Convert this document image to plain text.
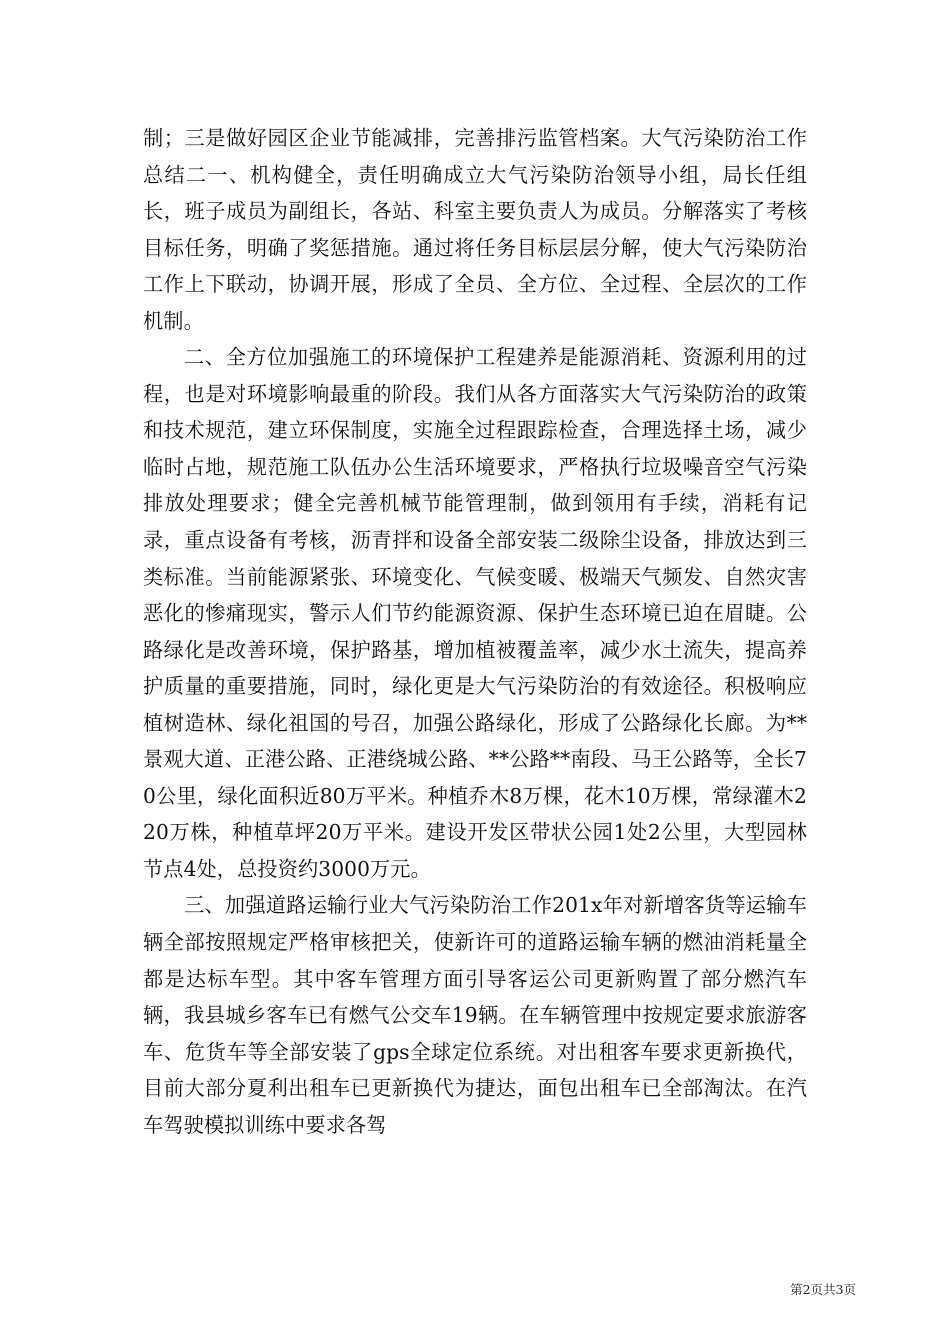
制；三是做好园区企业节能减排，完善排污监管档案。大气污染防治工作总结二一、机构健全，责任明确成立大气污染防治领导小组，局长任组长，班子成员为副组长，各站、科室主要负责人为成员。分解落实了考核目标任务，明确了奖惩措施。通过将任务目标层层分解，使大气污染防治工作上下联动，协调开展，形成了全员、全方位、全过程、全层次的工作机制。

二、全方位加强施工的环境保护工程建养是能源消耗、资源利用的过程，也是对环境影响最重的阶段。我们从各方面落实大气污染防治的政策和技术规范，建立环保制度，实施全过程跟踪检查，合理选择土场，减少临时占地，规范施工队伍办公生活环境要求，严格执行垃圾噪音空气污染排放处理要求；健全完善机械节能管理制，做到领用有手续，消耗有记录，重点设备有考核，沥青拌和设备全部安装二级除尘设备，排放达到三类标准。当前能源紧张、环境变化、气候变暖、极端天气频发、自然灾害恶化的惨痛现实，警示人们节约能源资源、保护生态环境已迫在眉睫。公路绿化是改善环境，保护路基，增加植被覆盖率，减少水土流失，提高养护质量的重要措施，同时，绿化更是大气污染防治的有效途径。积极响应植树造林、绿化祖国的号召，加强公路绿化，形成了公路绿化长廊。为**景观大道、正港公路、正港绕城公路、**公路**南段、马王公路等，全长70公里，绿化面积近80万平米。种植乔木8万棵，花木10万棵，常绿灌木220万株，种植草坪20万平米。建设开发区带状公园1处2公里，大型园林节点4处，总投资约3000万元。

三、加强道路运输行业大气污染防治工作201x年对新增客货等运输车辆全部按照规定严格审核把关，使新许可的道路运输车辆的燃油消耗量全都是达标车型。其中客车管理方面引导客运公司更新购置了部分燃汽车辆，我县城乡客车已有燃气公交车19辆。在车辆管理中按规定要求旅游客车、危货车等全部安装了gps全球定位系统。对出租客车要求更新换代，目前大部分夏利出租车已更新换代为捷达，面包出租车已全部淘汰。在汽车驾驶模拟训练中要求各驾

第2页共3页
